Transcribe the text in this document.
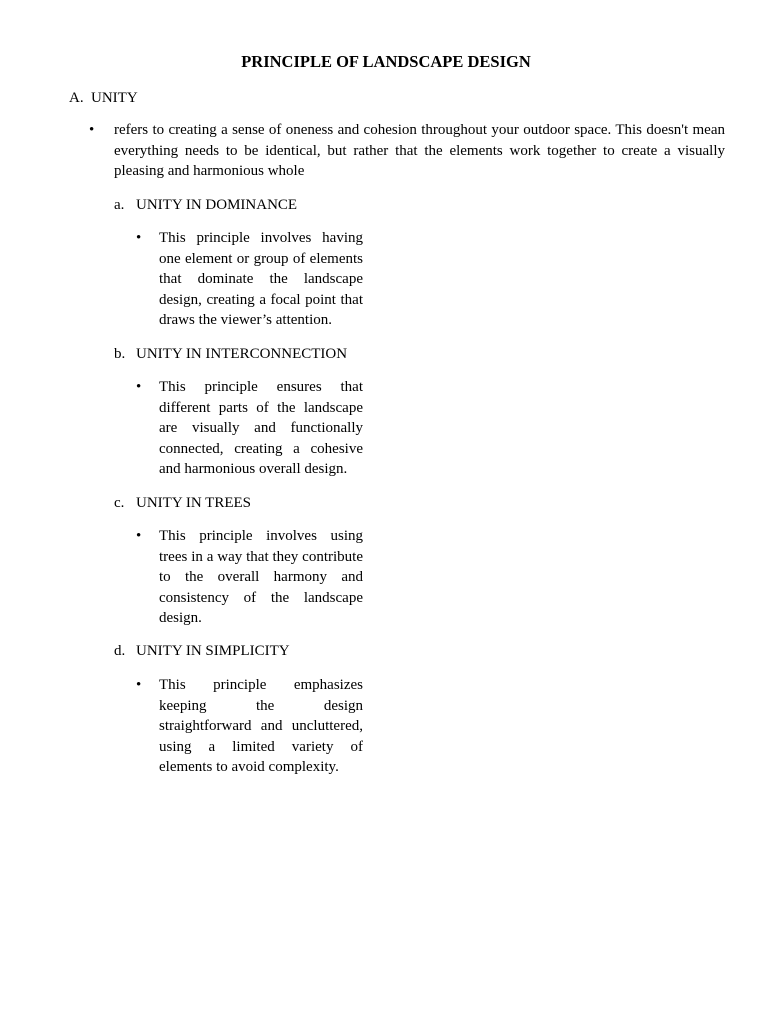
PRINCIPLE OF LANDSCAPE DESIGN
A. UNITY
• refers to creating a sense of oneness and cohesion throughout your outdoor space. This doesn't mean everything needs to be identical, but rather that the elements work together to create a visually pleasing and harmonious whole

a. UNITY IN DOMINANCE
• This principle involves having one element or group of elements that dominate the landscape design, creating a focal point that draws the viewer’s attention.

b. UNITY IN INTERCONNECTION
• This principle ensures that different parts of the landscape are visually and functionally connected, creating a cohesive and harmonious overall design.

c. UNITY IN TREES
• This principle involves using trees in a way that they contribute to the overall harmony and consistency of the landscape design.

d. UNITY IN SIMPLICITY
• This principle emphasizes keeping the design straightforward and uncluttered, using a limited variety of elements to avoid complexity.
